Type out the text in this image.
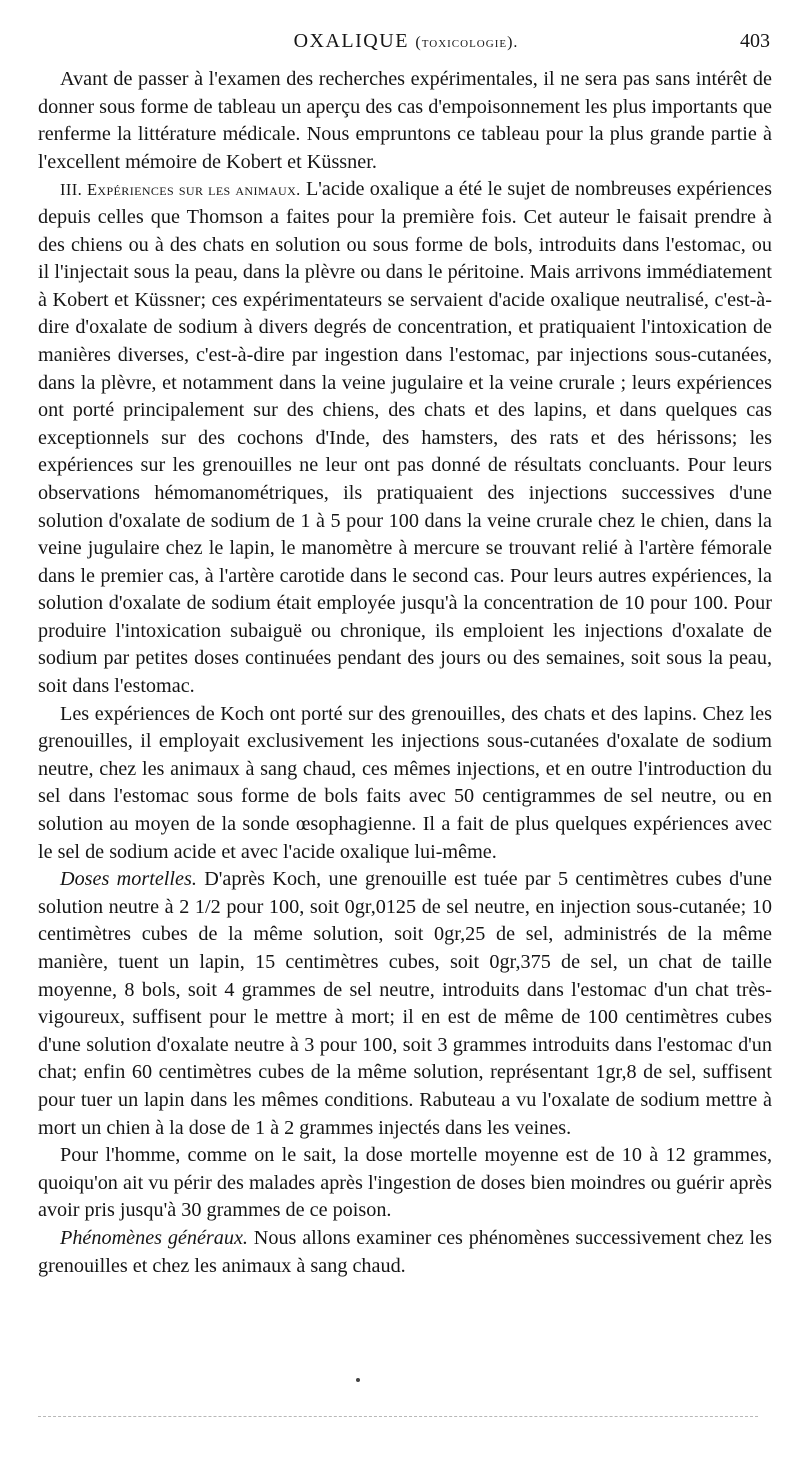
OXALIQUE (toxicologie).	403

Avant de passer à l'examen des recherches expérimentales, il ne sera pas sans intérêt de donner sous forme de tableau un aperçu des cas d'empoisonnement les plus importants que renferme la littérature médicale. Nous empruntons ce tableau pour la plus grande partie à l'excellent mémoire de Kobert et Küssner.

III. Expériences sur les animaux. L'acide oxalique a été le sujet de nombreuses expériences depuis celles que Thomson a faites pour la première fois. Cet auteur le faisait prendre à des chiens ou à des chats en solution ou sous forme de bols, introduits dans l'estomac, ou il l'injectait sous la peau, dans la plèvre ou dans le péritoine. Mais arrivons immédiatement à Kobert et Küssner; ces expérimentateurs se servaient d'acide oxalique neutralisé, c'est-à-dire d'oxalate de sodium à divers degrés de concentration, et pratiquaient l'intoxication de manières diverses, c'est-à-dire par ingestion dans l'estomac, par injections sous-cutanées, dans la plèvre, et notamment dans la veine jugulaire et la veine crurale ; leurs expériences ont porté principalement sur des chiens, des chats et des lapins, et dans quelques cas exceptionnels sur des cochons d'Inde, des hamsters, des rats et des hérissons; les expériences sur les grenouilles ne leur ont pas donné de résultats concluants. Pour leurs observations hémomanométriques, ils pratiquaient des injections successives d'une solution d'oxalate de sodium de 1 à 5 pour 100 dans la veine crurale chez le chien, dans la veine jugulaire chez le lapin, le manomètre à mercure se trouvant relié à l'artère fémorale dans le premier cas, à l'artère carotide dans le second cas. Pour leurs autres expériences, la solution d'oxalate de sodium était employée jusqu'à la concentration de 10 pour 100. Pour produire l'intoxication subaiguë ou chronique, ils emploient les injections d'oxalate de sodium par petites doses continuées pendant des jours ou des semaines, soit sous la peau, soit dans l'estomac.

Les expériences de Koch ont porté sur des grenouilles, des chats et des lapins. Chez les grenouilles, il employait exclusivement les injections sous-cutanées d'oxalate de sodium neutre, chez les animaux à sang chaud, ces mêmes injections, et en outre l'introduction du sel dans l'estomac sous forme de bols faits avec 50 centigrammes de sel neutre, ou en solution au moyen de la sonde œsophagienne. Il a fait de plus quelques expériences avec le sel de sodium acide et avec l'acide oxalique lui-même.

Doses mortelles. D'après Koch, une grenouille est tuée par 5 centimètres cubes d'une solution neutre à 2 1/2 pour 100, soit 0gr,0125 de sel neutre, en injection sous-cutanée; 10 centimètres cubes de la même solution, soit 0gr,25 de sel, administrés de la même manière, tuent un lapin, 15 centimètres cubes, soit 0gr,375 de sel, un chat de taille moyenne, 8 bols, soit 4 grammes de sel neutre, introduits dans l'estomac d'un chat très-vigoureux, suffisent pour le mettre à mort; il en est de même de 100 centimètres cubes d'une solution d'oxalate neutre à 3 pour 100, soit 3 grammes introduits dans l'estomac d'un chat; enfin 60 centimètres cubes de la même solution, représentant 1gr,8 de sel, suffisent pour tuer un lapin dans les mêmes conditions. Rabuteau a vu l'oxalate de sodium mettre à mort un chien à la dose de 1 à 2 grammes injectés dans les veines.

Pour l'homme, comme on le sait, la dose mortelle moyenne est de 10 à 12 grammes, quoiqu'on ait vu périr des malades après l'ingestion de doses bien moindres ou guérir après avoir pris jusqu'à 30 grammes de ce poison.

Phénomènes généraux. Nous allons examiner ces phénomènes successivement chez les grenouilles et chez les animaux à sang chaud.
